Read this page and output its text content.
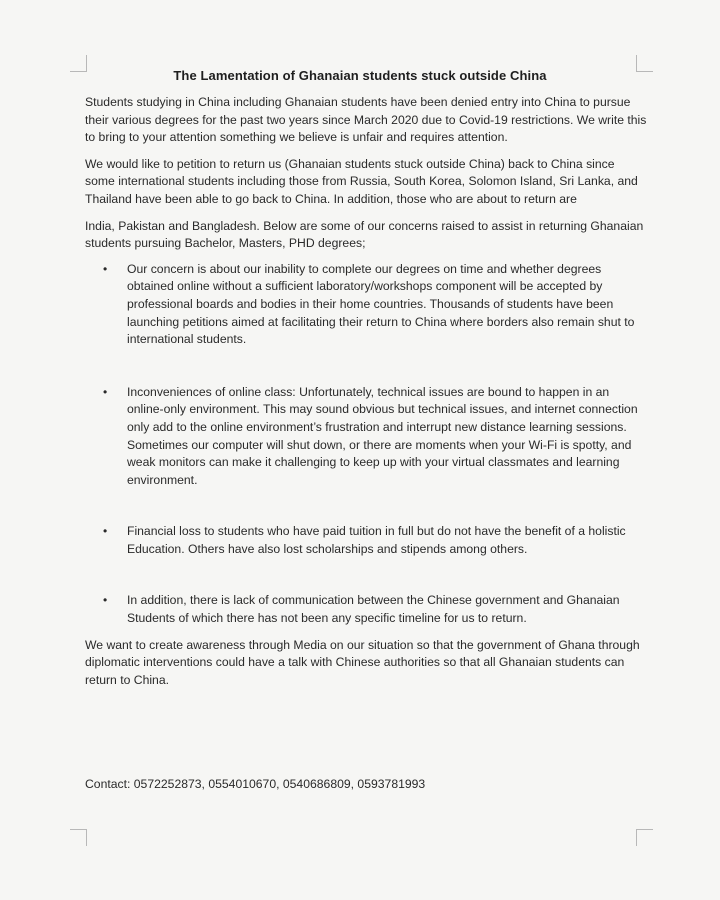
The Lamentation of Ghanaian students stuck outside China

Students studying in China including Ghanaian students have been denied entry into China to pursue their various degrees for the past two years since March 2020 due to Covid-19 restrictions. We write this to bring to your attention something we believe is unfair and requires attention.

We would like to petition to return us (Ghanaian students stuck outside China) back to China since some international students including those from Russia, South Korea, Solomon Island, Sri Lanka, and Thailand have been able to go back to China. In addition, those who are about to return are

India, Pakistan and Bangladesh. Below are some of our concerns raised to assist in returning Ghanaian students pursuing Bachelor, Masters, PHD degrees;

• Our concern is about our inability to complete our degrees on time and whether degrees obtained online without a sufficient laboratory/workshops component will be accepted by professional boards and bodies in their home countries. Thousands of students have been launching petitions aimed at facilitating their return to China where borders also remain shut to international students.
• Inconveniences of online class: Unfortunately, technical issues are bound to happen in an online-only environment. This may sound obvious but technical issues, and internet connection only add to the online environment’s frustration and interrupt new distance learning sessions. Sometimes our computer will shut down, or there are moments when your Wi-Fi is spotty, and weak monitors can make it challenging to keep up with your virtual classmates and learning environment.
• Financial loss to students who have paid tuition in full but do not have the benefit of a holistic Education. Others have also lost scholarships and stipends among others.
• In addition, there is lack of communication between the Chinese government and Ghanaian Students of which there has not been any specific timeline for us to return.

We want to create awareness through Media on our situation so that the government of Ghana through diplomatic interventions could have a talk with Chinese authorities so that all Ghanaian students can return to China.

Contact: 0572252873, 0554010670, 0540686809, 0593781993
